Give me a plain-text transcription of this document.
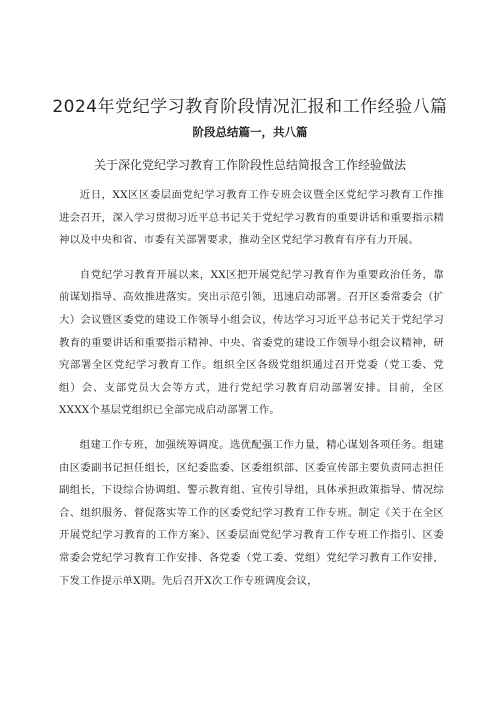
2024年党纪学习教育阶段情况汇报和工作经验八篇
阶段总结篇一，共八篇
关于深化党纪学习教育工作阶段性总结简报含工作经验做法

近日，XX区区委层面党纪学习教育工作专班会议暨全区党纪学习教育工作推进会召开，深入学习贯彻习近平总书记关于党纪学习教育的重要讲话和重要指示精神以及中央和省、市委有关部署要求，推动全区党纪学习教育有序有力开展。

自党纪学习教育开展以来，XX区把开展党纪学习教育作为重要政治任务，靠前谋划指导、高效推进落实。突出示范引领，迅速启动部署。召开区委常委会（扩大）会议暨区委党的建设工作领导小组会议，传达学习习近平总书记关于党纪学习教育的重要讲话和重要指示精神、中央、省委党的建设工作领导小组会议精神，研究部署全区党纪学习教育工作。组织全区各级党组织通过召开党委（党工委、党组）会、支部党员大会等方式，进行党纪学习教育启动部署安排。目前，全区XXXX个基层党组织已全部完成启动部署工作。

组建工作专班，加强统筹调度。选优配强工作力量，精心谋划各项任务。组建由区委副书记担任组长，区纪委监委、区委组织部、区委宣传部主要负责同志担任副组长，下设综合协调组、警示教育组、宣传引导组，具体承担政策指导、情况综合、组织服务、督促落实等工作的区委党纪学习教育工作专班。制定《关于在全区开展党纪学习教育的工作方案》、区委层面党纪学习教育工作专班工作指引、区委常委会党纪学习教育工作安排、各党委（党工委、党组）党纪学习教育工作安排，下发工作提示单X期。先后召开X次工作专班调度会议，
